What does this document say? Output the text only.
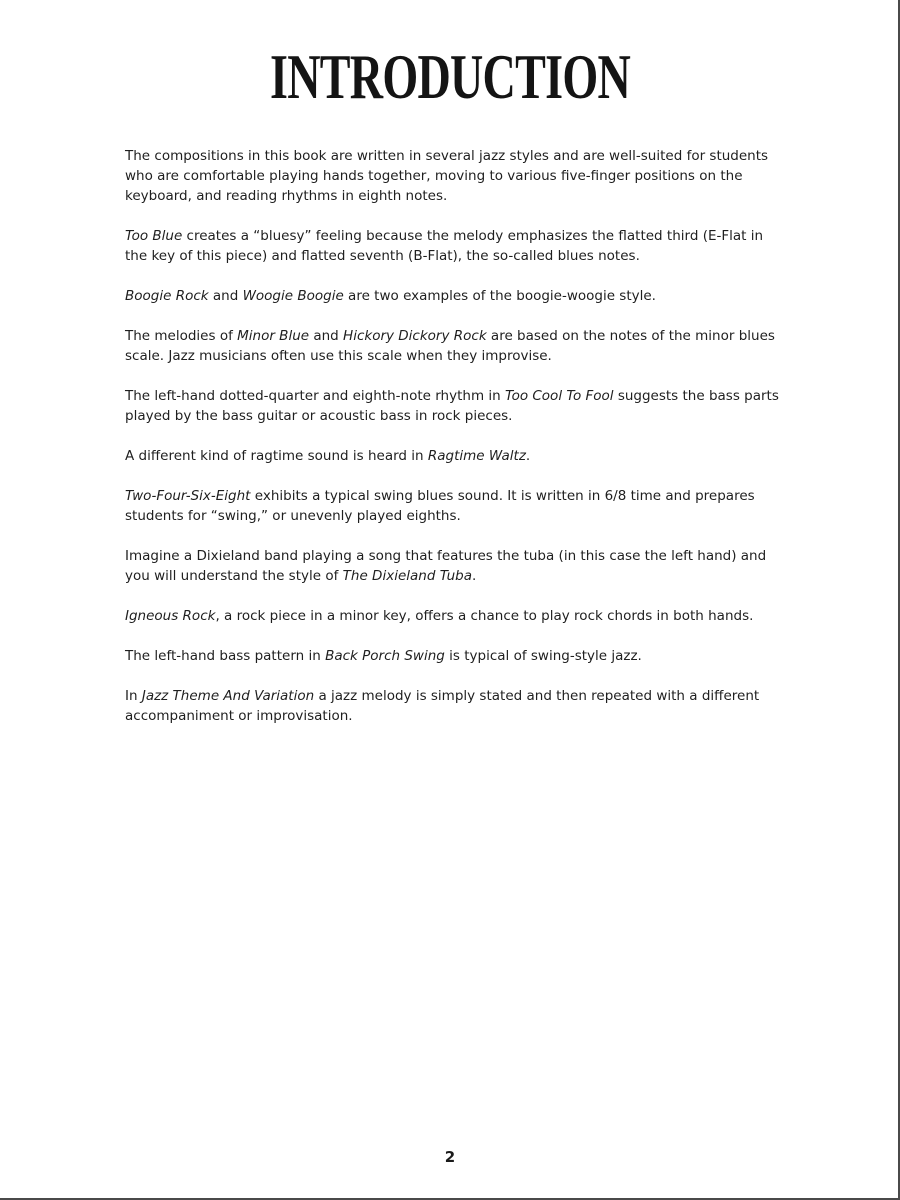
INTRODUCTION

The compositions in this book are written in several jazz styles and are well-suited for students who are comfortable playing hands together, moving to various five-finger positions on the keyboard, and reading rhythms in eighth notes.

Too Blue creates a “bluesy” feeling because the melody emphasizes the flatted third (E-Flat in the key of this piece) and flatted seventh (B-Flat), the so-called blues notes.

Boogie Rock and Woogie Boogie are two examples of the boogie-woogie style.

The melodies of Minor Blue and Hickory Dickory Rock are based on the notes of the minor blues scale. Jazz musicians often use this scale when they improvise.

The left-hand dotted-quarter and eighth-note rhythm in Too Cool To Fool suggests the bass parts played by the bass guitar or acoustic bass in rock pieces.

A different kind of ragtime sound is heard in Ragtime Waltz.

Two-Four-Six-Eight exhibits a typical swing blues sound. It is written in 6/8 time and prepares students for “swing,” or unevenly played eighths.

Imagine a Dixieland band playing a song that features the tuba (in this case the left hand) and you will understand the style of The Dixieland Tuba.

Igneous Rock, a rock piece in a minor key, offers a chance to play rock chords in both hands.

The left-hand bass pattern in Back Porch Swing is typical of swing-style jazz.

In Jazz Theme And Variation a jazz melody is simply stated and then repeated with a different accompaniment or improvisation.

2
